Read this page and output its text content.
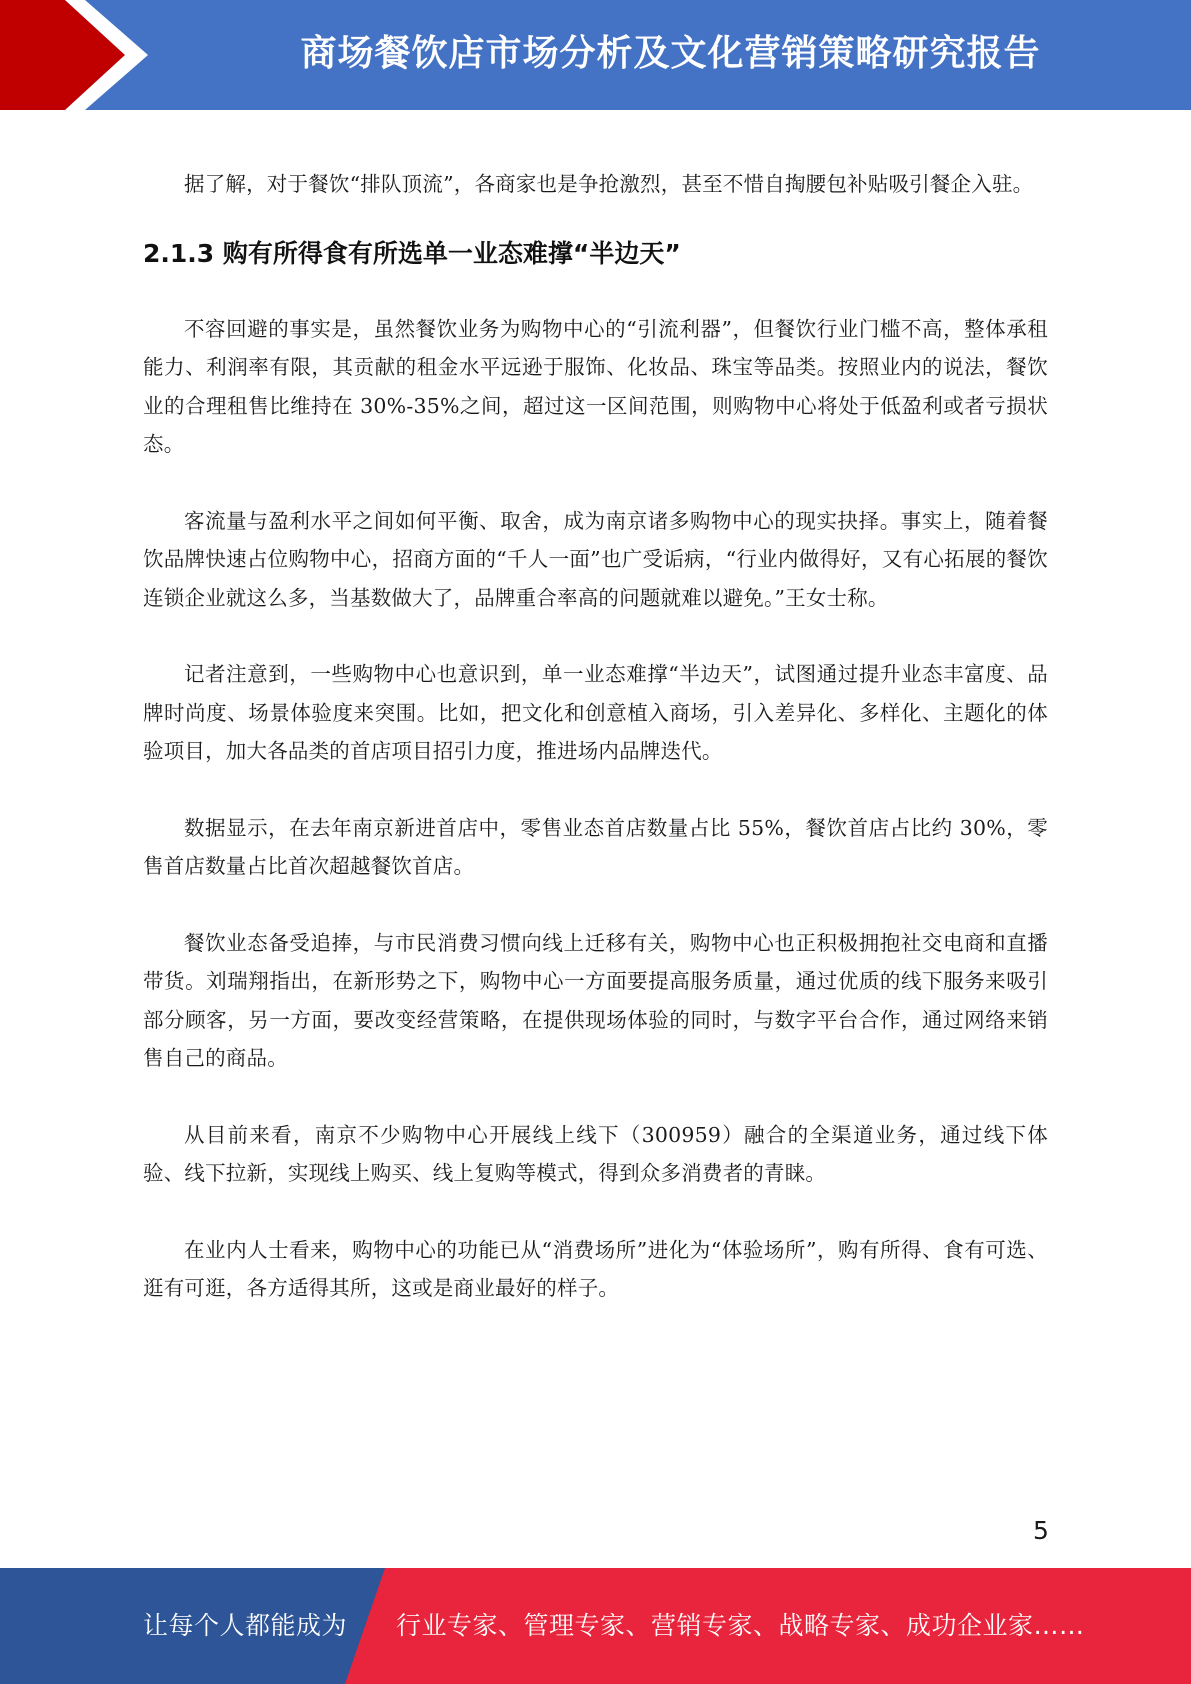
商场餐饮店市场分析及文化营销策略研究报告

据了解，对于餐饮“排队顶流”，各商家也是争抢激烈，甚至不惜自掏腰包补贴吸引餐企入驻。

2.1.3 购有所得食有所选单一业态难撑“半边天”

不容回避的事实是，虽然餐饮业务为购物中心的“引流利器”，但餐饮行业门槛不高，整体承租能力、利润率有限，其贡献的租金水平远逊于服饰、化妆品、珠宝等品类。按照业内的说法，餐饮业的合理租售比维持在 30%-35%之间，超过这一区间范围，则购物中心将处于低盈利或者亏损状态。

客流量与盈利水平之间如何平衡、取舍，成为南京诸多购物中心的现实抉择。事实上，随着餐饮品牌快速占位购物中心，招商方面的“千人一面”也广受诟病，“行业内做得好，又有心拓展的餐饮连锁企业就这么多，当基数做大了，品牌重合率高的问题就难以避免。”王女士称。

记者注意到，一些购物中心也意识到，单一业态难撑“半边天”，试图通过提升业态丰富度、品牌时尚度、场景体验度来突围。比如，把文化和创意植入商场，引入差异化、多样化、主题化的体验项目，加大各品类的首店项目招引力度，推进场内品牌迭代。

数据显示，在去年南京新进首店中，零售业态首店数量占比 55%，餐饮首店占比约 30%，零售首店数量占比首次超越餐饮首店。

餐饮业态备受追捧，与市民消费习惯向线上迁移有关，购物中心也正积极拥抱社交电商和直播带货。刘瑞翔指出，在新形势之下，购物中心一方面要提高服务质量，通过优质的线下服务来吸引部分顾客，另一方面，要改变经营策略，在提供现场体验的同时，与数字平台合作，通过网络来销售自己的商品。

从目前来看，南京不少购物中心开展线上线下（300959）融合的全渠道业务，通过线下体验、线下拉新，实现线上购买、线上复购等模式，得到众多消费者的青睐。

在业内人士看来，购物中心的功能已从“消费场所”进化为“体验场所”，购有所得、食有可选、逛有可逛，各方适得其所，这或是商业最好的样子。

5
让每个人都能成为 行业专家、管理专家、营销专家、战略专家、成功企业家……
